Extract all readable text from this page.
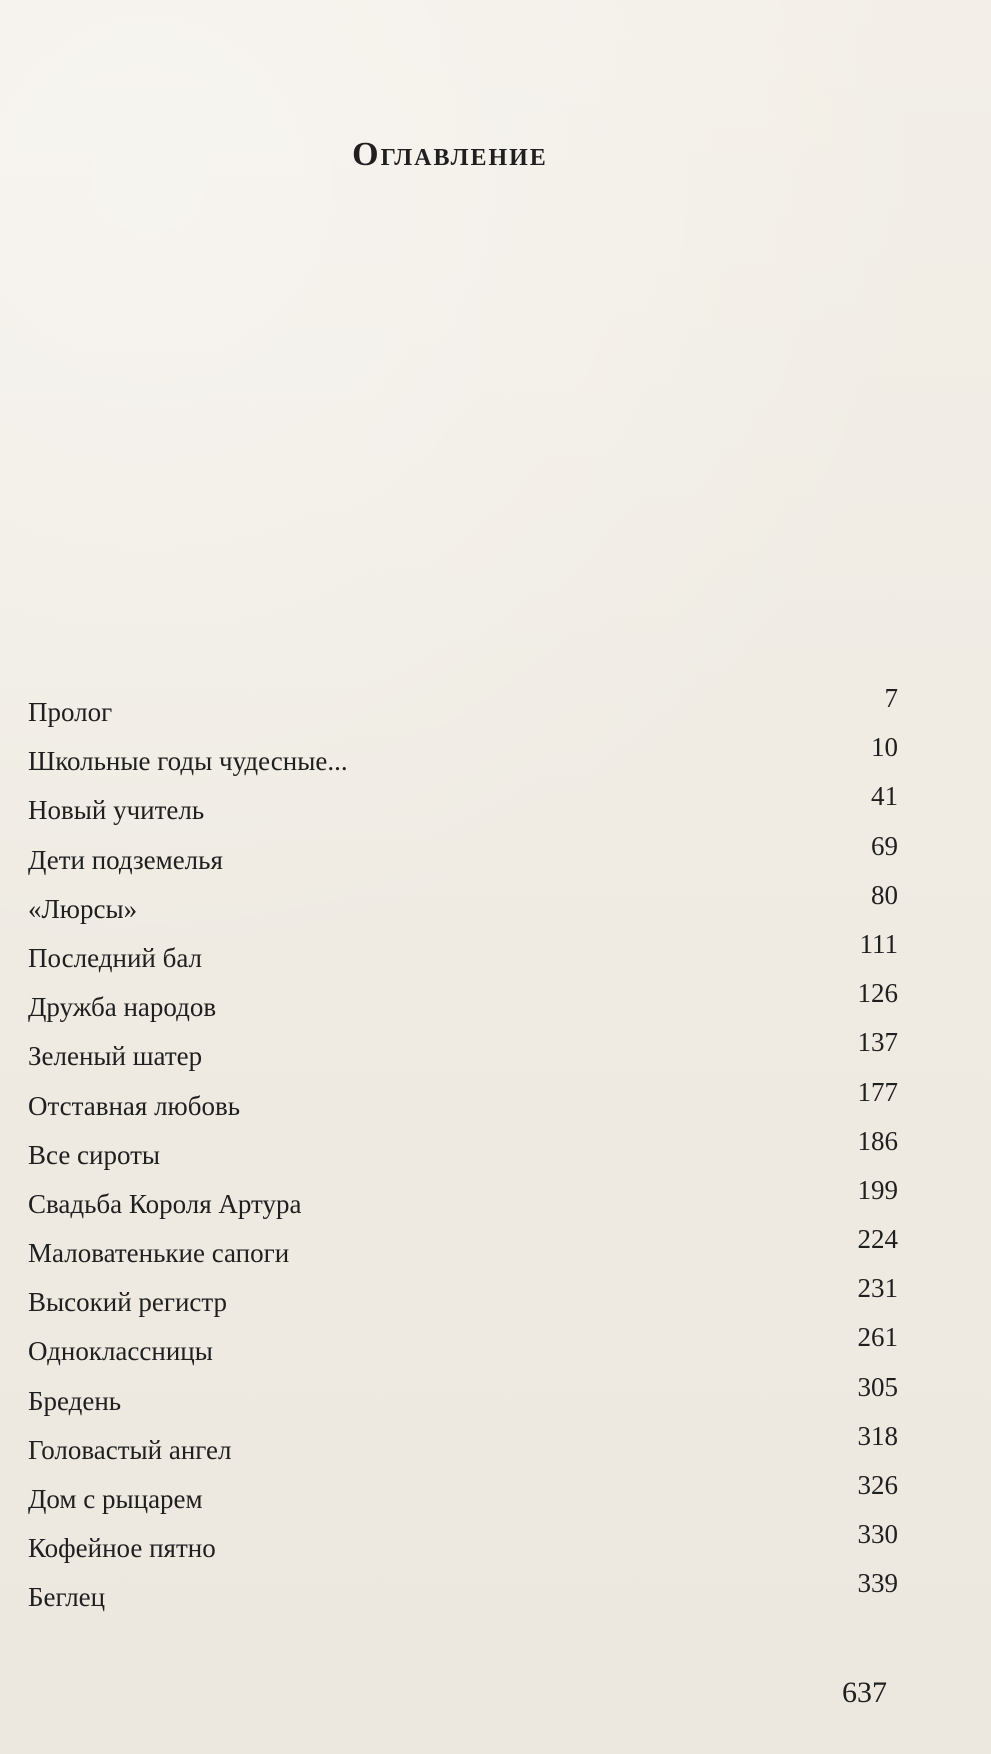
Оглавление
Пролог	7
Школьные годы чудесные...	10
Новый учитель	41
Дети подземелья	69
«Люрсы»	80
Последний бал	111
Дружба народов	126
Зеленый шатер	137
Отставная любовь	177
Все сироты	186
Свадьба Короля Артура	199
Маловатенькие сапоги	224
Высокий регистр	231
Одноклассницы	261
Бредень	305
Головастый ангел	318
Дом с рыцарем	326
Кофейное пятно	330
Беглец	339
637
